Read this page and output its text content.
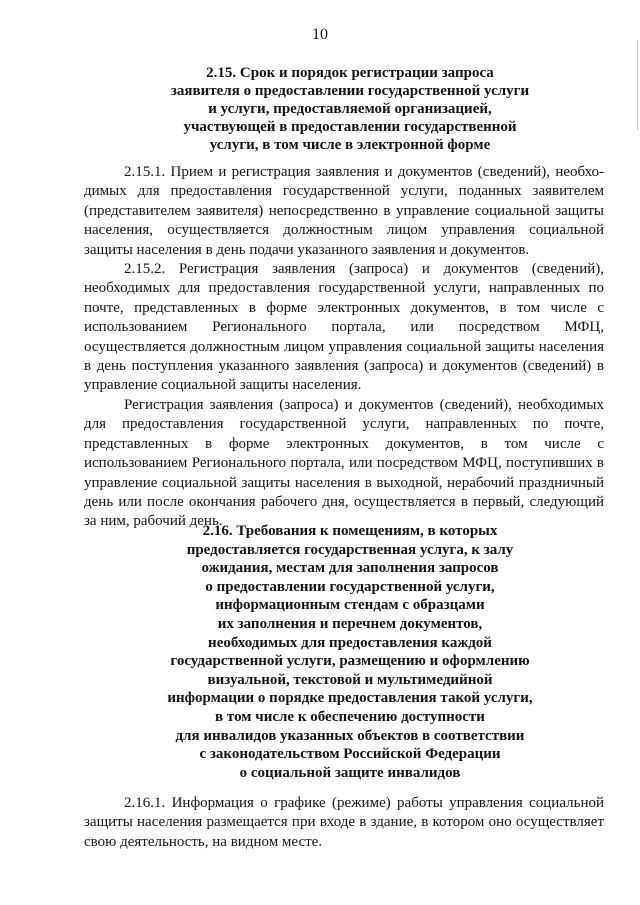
10
2.15. Срок и порядок регистрации запроса
заявителя о предоставлении государственной услуги
и услуги, предоставляемой организацией,
участвующей в предоставлении государственной
услуги, в том числе в электронной форме

2.15.1. Прием и регистрация заявления и документов (сведений), необхо-
димых для предоставления государственной услуги, поданных заявителем
(представителем заявителя) непосредственно в управление социальной защиты
населения, осуществляется должностным лицом управления социальной
защиты населения в день подачи указанного заявления и документов.

2.15.2. Регистрация заявления (запроса) и документов (сведений),
необходимых для предоставления государственной услуги, направленных по
почте, представленных в форме электронных документов, в том числе с
использованием Регионального портала, или посредством МФЦ,
осуществляется должностным лицом управления социальной защиты населения
в день поступления указанного заявления (запроса) и документов (сведений) в
управление социальной защиты населения.

Регистрация заявления (запроса) и документов (сведений), необходимых
для предоставления государственной услуги, направленных по почте,
представленных в форме электронных документов, в том числе с
использованием Регионального портала, или посредством МФЦ, поступивших в
управление социальной защиты населения в выходной, нерабочий праздничный
день или после окончания рабочего дня, осуществляется в первый, следующий
за ним, рабочий день.

2.16. Требования к помещениям, в которых
предоставляется государственная услуга, к залу
ожидания, местам для заполнения запросов
о предоставлении государственной услуги,
информационным стендам с образцами
их заполнения и перечнем документов,
необходимых для предоставления каждой
государственной услуги, размещению и оформлению
визуальной, текстовой и мультимедийной
информации о порядке предоставления такой услуги,
в том числе к обеспечению доступности
для инвалидов указанных объектов в соответствии
с законодательством Российской Федерации
о социальной защите инвалидов

2.16.1. Информация о графике (режиме) работы управления социальной
защиты населения размещается при входе в здание, в котором оно осуществляет
свою деятельность, на видном месте.
